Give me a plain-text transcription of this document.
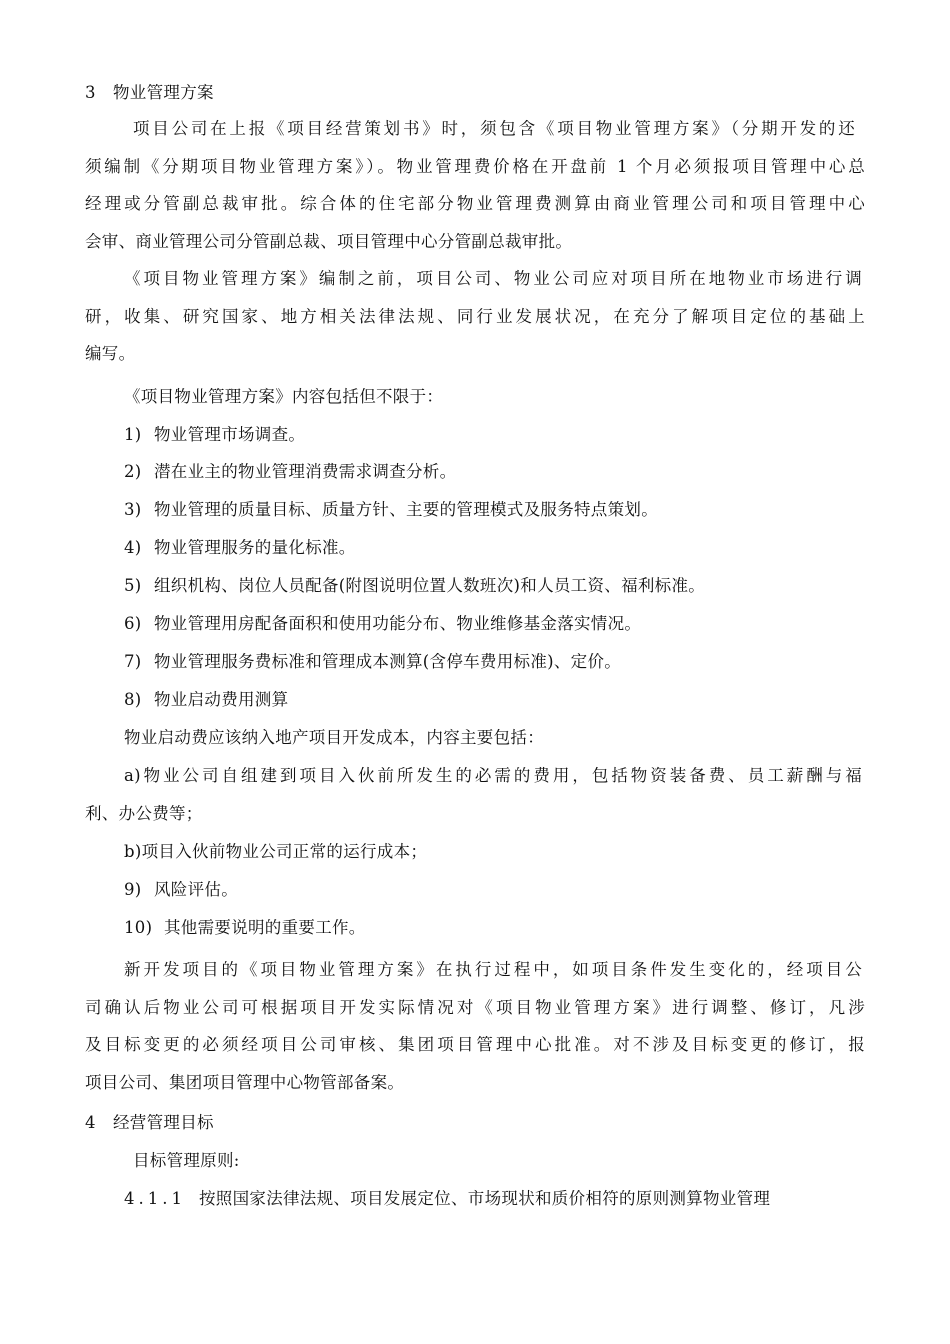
3 物业管理方案
项目公司在上报《项目经营策划书》时，须包含《项目物业管理方案》（分期开发的还
须编制《分期项目物业管理方案》）。物业管理费价格在开盘前 1 个月必须报项目管理中心总
经理或分管副总裁审批。综合体的住宅部分物业管理费测算由商业管理公司和项目管理中心
会审、商业管理公司分管副总裁、项目管理中心分管副总裁审批。
《项目物业管理方案》编制之前，项目公司、物业公司应对项目所在地物业市场进行调
研，收集、研究国家、地方相关法律法规、同行业发展状况，在充分了解项目定位的基础上
编写。
《项目物业管理方案》内容包括但不限于：
1) 物业管理市场调查。
2) 潜在业主的物业管理消费需求调查分析。
3) 物业管理的质量目标、质量方针、主要的管理模式及服务特点策划。
4) 物业管理服务的量化标准。
5) 组织机构、岗位人员配备(附图说明位置人数班次)和人员工资、福利标准。
6) 物业管理用房配备面积和使用功能分布、物业维修基金落实情况。
7) 物业管理服务费标准和管理成本测算(含停车费用标准)、定价。
8) 物业启动费用测算
物业启动费应该纳入地产项目开发成本，内容主要包括：
a)物业公司自组建到项目入伙前所发生的必需的费用，包括物资装备费、员工薪酬与福
利、办公费等；
b)项目入伙前物业公司正常的运行成本；
9) 风险评估。
10) 其他需要说明的重要工作。
新开发项目的《项目物业管理方案》在执行过程中，如项目条件发生变化的，经项目公
司确认后物业公司可根据项目开发实际情况对《项目物业管理方案》进行调整、修订，凡涉
及目标变更的必须经项目公司审核、集团项目管理中心批准。对不涉及目标变更的修订，报
项目公司、集团项目管理中心物管部备案。
4 经营管理目标
目标管理原则:
4.1.1 按照国家法律法规、项目发展定位、市场现状和质价相符的原则测算物业管理
